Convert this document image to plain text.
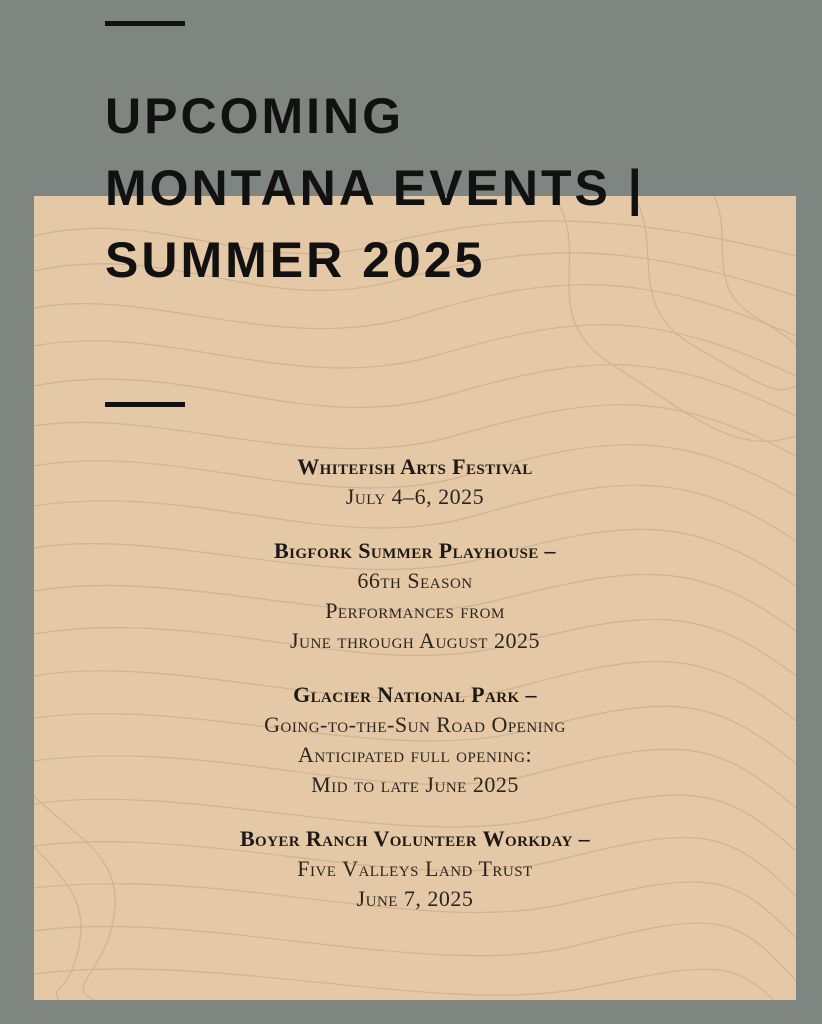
UPCOMING MONTANA EVENTS | SUMMER 2025
Whitefish Arts Festival
July 4–6, 2025
Bigfork Summer Playhouse –
66th Season
Performances from
June through August 2025
Glacier National Park –
Going-to-the-Sun Road Opening
Anticipated full opening:
Mid to late June 2025
Boyer Ranch Volunteer Workday –
Five Valleys Land Trust
June 7, 2025
